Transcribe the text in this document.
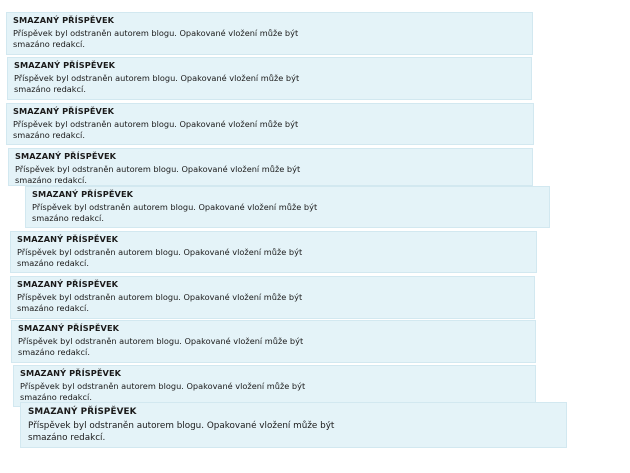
SMAZANÝ PŘÍSPĚVEK
Příspěvek byl odstraněn autorem blogu. Opakované vložení může být smazáno redakcí.
SMAZANÝ PŘÍSPĚVEK
Příspěvek byl odstraněn autorem blogu. Opakované vložení může být smazáno redakcí.
SMAZANÝ PŘÍSPĚVEK
Příspěvek byl odstraněn autorem blogu. Opakované vložení může být smazáno redakcí.
SMAZANÝ PŘÍSPĚVEK
Příspěvek byl odstraněn autorem blogu. Opakované vložení může být smazáno redakcí.
SMAZANÝ PŘÍSPĚVEK
Příspěvek byl odstraněn autorem blogu. Opakované vložení může být smazáno redakcí.
SMAZANÝ PŘÍSPĚVEK
Příspěvek byl odstraněn autorem blogu. Opakované vložení může být smazáno redakcí.
SMAZANÝ PŘÍSPĚVEK
Příspěvek byl odstraněn autorem blogu. Opakované vložení může být smazáno redakcí.
SMAZANÝ PŘÍSPĚVEK
Příspěvek byl odstraněn autorem blogu. Opakované vložení může být smazáno redakcí.
SMAZANÝ PŘÍSPĚVEK
Příspěvek byl odstraněn autorem blogu. Opakované vložení může být smazáno redakcí.
SMAZANÝ PŘÍSPĚVEK
Příspěvek byl odstraněn autorem blogu. Opakované vložení může být smazáno redakcí.
